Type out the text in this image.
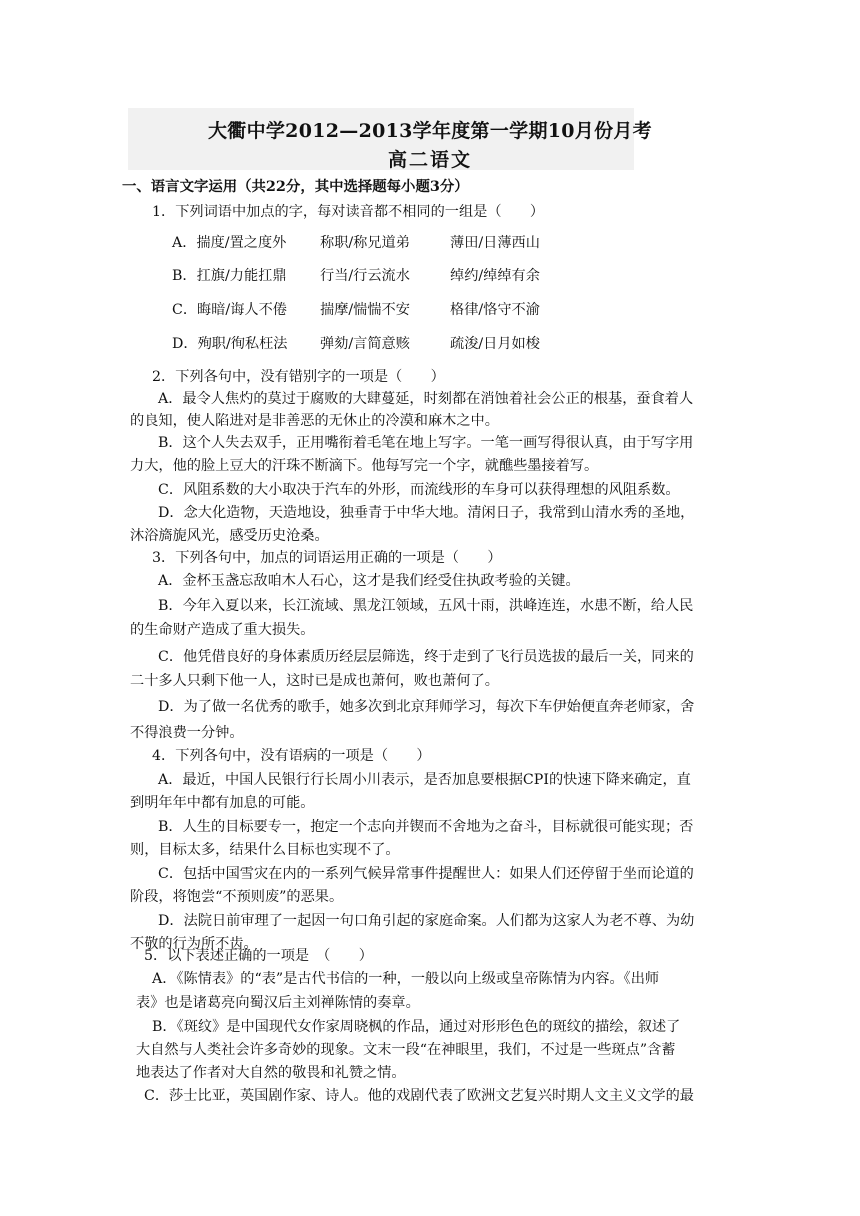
大衢中学2012—2013学年度第一学期10月份月考
高二语文
一、语言文字运用（共22分，其中选择题每小题3分）
1．下列词语中加点的字，每对读音都不相同的一组是（　　）
A．揣度/置之度外 称职/称兄道弟	薄田/日薄西山
B．扛旗/力能扛鼎 行当/行云流水	绰约/绰绰有余
C．晦暗/诲人不倦 揣摩/惴惴不安	格律/恪守不渝
D．殉职/徇私枉法 弹劾/言简意赅	疏浚/日月如梭
2．下列各句中，没有错别字的一项是（　　）
A．最令人焦灼的莫过于腐败的大肆蔓延，时刻都在消蚀着社会公正的根基，蚕食着人
的良知，使人陷进对是非善恶的无休止的冷漠和麻木之中。
B．这个人失去双手，正用嘴衔着毛笔在地上写字。一笔一画写得很认真，由于写字用
力大，他的脸上豆大的汗珠不断滴下。他每写完一个字，就醮些墨接着写。
C．风阻系数的大小取决于汽车的外形，而流线形的车身可以获得理想的风阻系数。
D．念大化造物，天造地设，独垂青于中华大地。清闲日子，我常到山清水秀的圣地，
沐浴旖旎风光，感受历史沧桑。
3．下列各句中，加点的词语运用正确的一项是（　　）
A．金杯玉盏忘敌咱木人石心，这才是我们经受住执政考验的关键。
B．今年入夏以来，长江流域、黑龙江领域，五风十雨，洪峰连连，水患不断，给人民
的生命财产造成了重大损失。
C．他凭借良好的身体素质历经层层筛选，终于走到了飞行员选拔的最后一关，同来的
二十多人只剩下他一人，这时已是成也萧何，败也萧何了。
D．为了做一名优秀的歌手，她多次到北京拜师学习，每次下车伊始便直奔老师家，舍
不得浪费一分钟。
4．下列各句中，没有语病的一项是（　　）
A．最近，中国人民银行行长周小川表示，是否加息要根据CPI的快速下降来确定，直
到明年年中都有加息的可能。
B．人生的目标要专一，抱定一个志向并锲而不舍地为之奋斗，目标就很可能实现；否
则，目标太多，结果什么目标也实现不了。
C．包括中国雪灾在内的一系列气候异常事件提醒世人：如果人们还停留于坐而论道的
阶段，将饱尝“不预则废”的恶果。
D．法院日前审理了一起因一句口角引起的家庭命案。人们都为这家人为老不尊、为幼
不敬的行为所不齿。
5．以下表述正确的一项是　（　　）
A．《陈情表》的“表”是古代书信的一种，一般以向上级或皇帝陈情为内容。《出师
表》也是诸葛亮向蜀汉后主刘禅陈情的奏章。
B．《斑纹》是中国现代女作家周晓枫的作品，通过对形形色色的斑纹的描绘，叙述了
大自然与人类社会许多奇妙的现象。文末一段“在神眼里，我们，不过是一些斑点”含蓄
地表达了作者对大自然的敬畏和礼赞之情。
C．莎士比亚，英国剧作家、诗人。他的戏剧代表了欧洲文艺复兴时期人文主义文学的最
